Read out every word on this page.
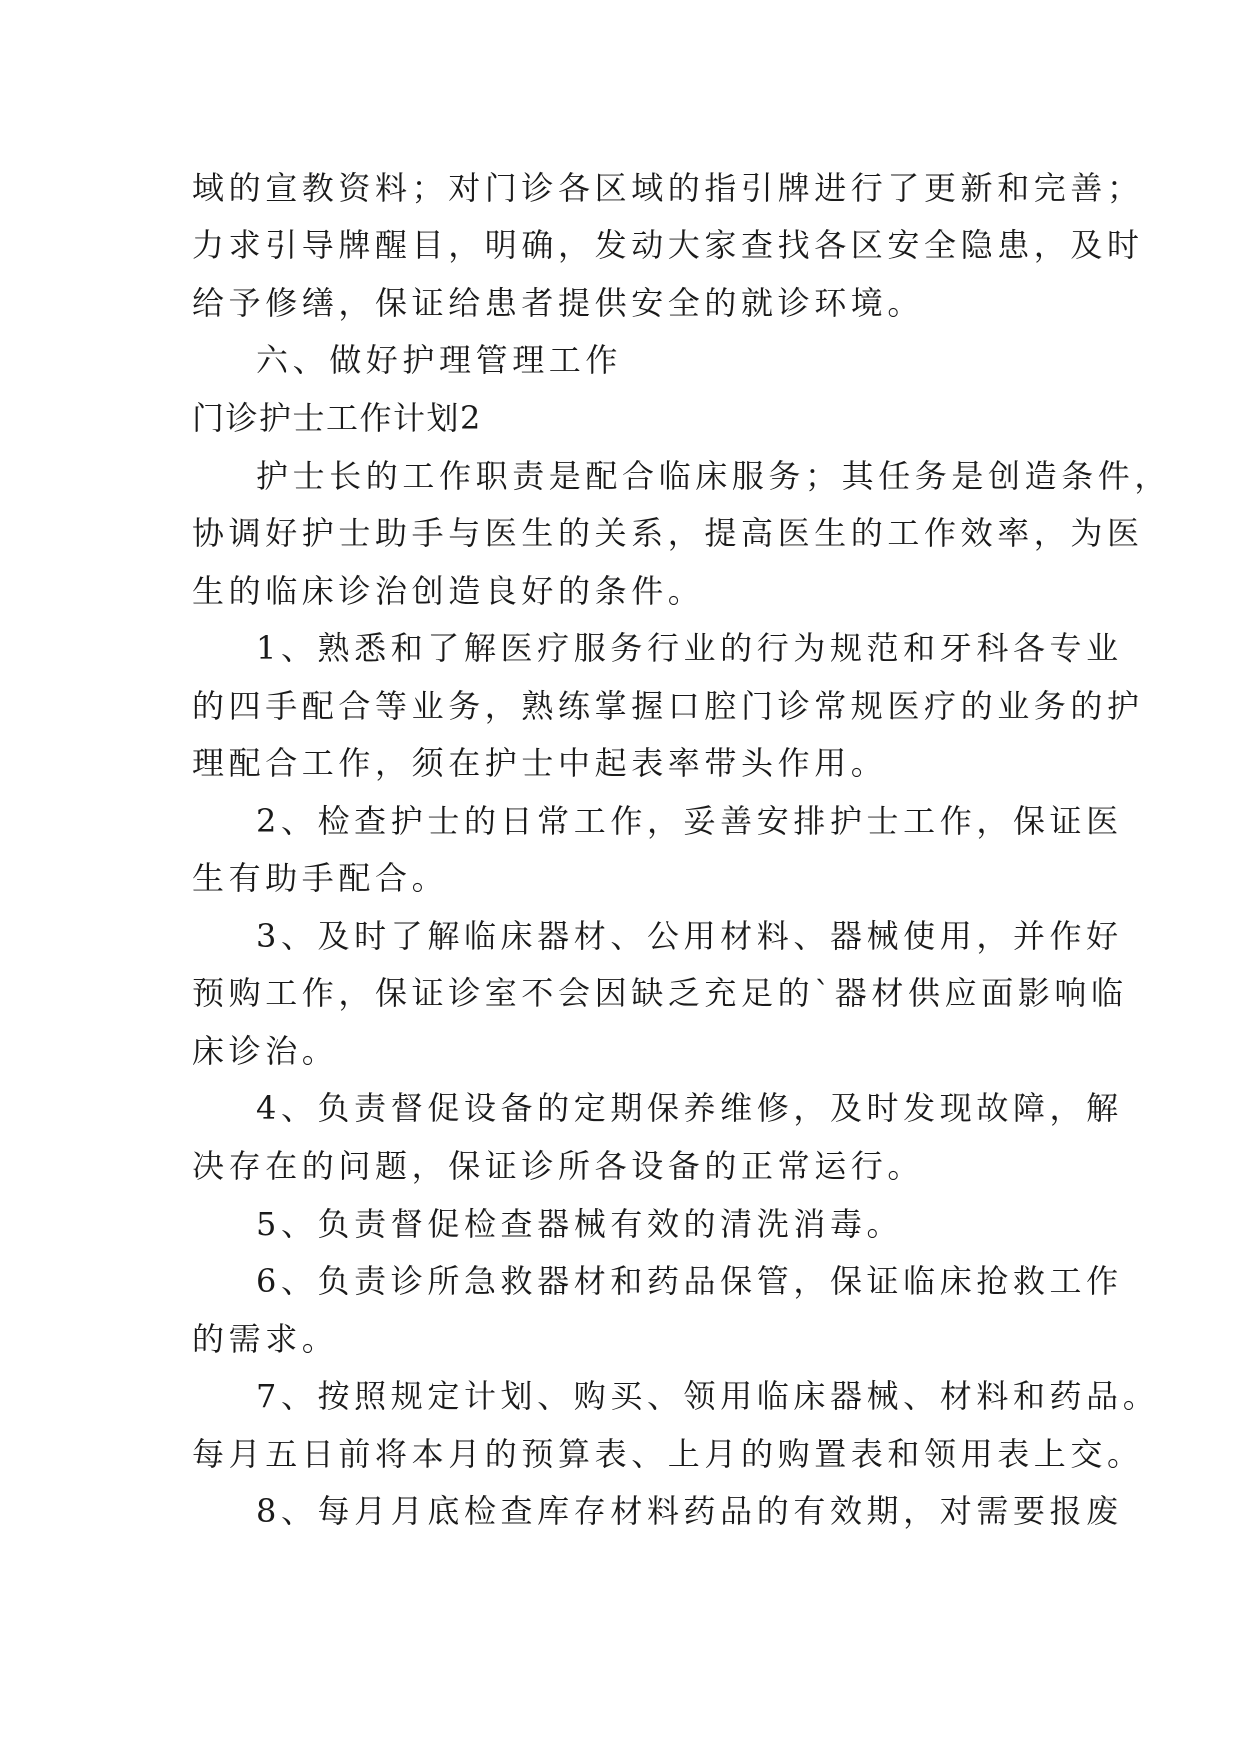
域的宣教资料；对门诊各区域的指引牌进行了更新和完善；
力求引导牌醒目，明确，发动大家查找各区安全隐患，及时
给予修缮，保证给患者提供安全的就诊环境。
六、做好护理管理工作
门诊护士工作计划2
护士长的工作职责是配合临床服务；其任务是创造条件，
协调好护士助手与医生的关系，提高医生的工作效率，为医
生的临床诊治创造良好的条件。
1、熟悉和了解医疗服务行业的行为规范和牙科各专业
的四手配合等业务，熟练掌握口腔门诊常规医疗的业务的护
理配合工作，须在护士中起表率带头作用。
2、检查护士的日常工作，妥善安排护士工作，保证医
生有助手配合。
3、及时了解临床器材、公用材料、器械使用，并作好
预购工作，保证诊室不会因缺乏充足的`器材供应面影响临
床诊治。
4、负责督促设备的定期保养维修，及时发现故障，解
决存在的问题，保证诊所各设备的正常运行。
5、负责督促检查器械有效的清洗消毒。
6、负责诊所急救器材和药品保管，保证临床抢救工作
的需求。
7、按照规定计划、购买、领用临床器械、材料和药品。
每月五日前将本月的预算表、上月的购置表和领用表上交。
8、每月月底检查库存材料药品的有效期，对需要报废
